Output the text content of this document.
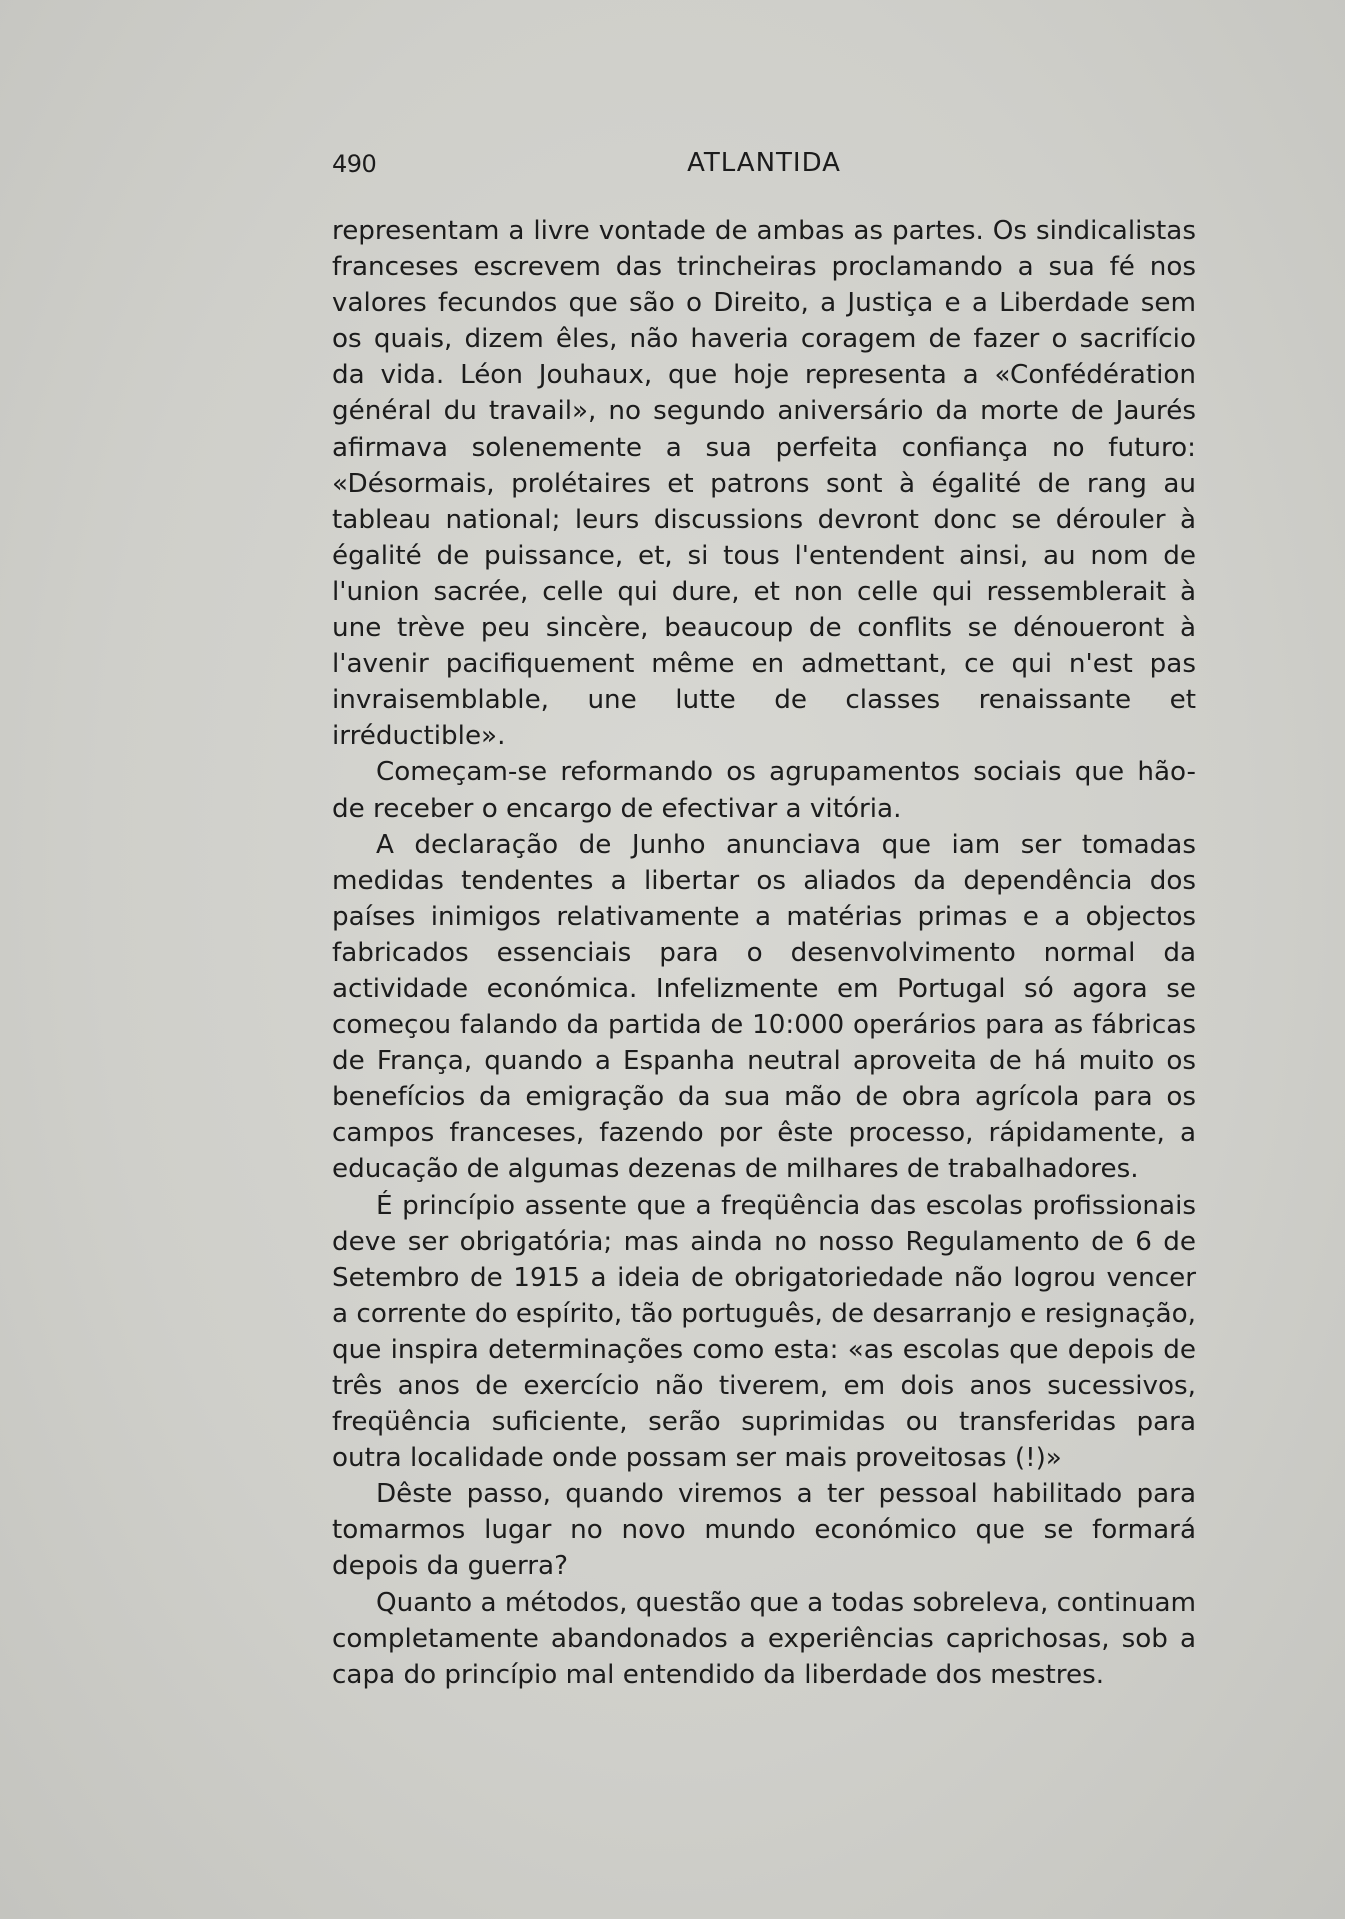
490	ATLANTIDA

representam a livre vontade de ambas as partes. Os sindicalistas franceses escrevem das trincheiras proclamando a sua fé nos valores fecundos que são o Direito, a Justiça e a Liberdade sem os quais, dizem êles, não haveria coragem de fazer o sacrifício da vida. Léon Jouhaux, que hoje representa a «Confédération général du travail», no segundo aniversário da morte de Jaurés afirmava solenemente a sua perfeita confiança no futuro: «Désormais, prolétaires et patrons sont à égalité de rang au tableau national; leurs discussions devront donc se dérouler à égalité de puissance, et, si tous l'entendent ainsi, au nom de l'union sacrée, celle qui dure, et non celle qui ressemblerait à une trève peu sincère, beaucoup de conflits se dénoueront à l'avenir pacifiquement même en admettant, ce qui n'est pas invraisemblable, une lutte de classes renaissante et irréductible».

Começam-se reformando os agrupamentos sociais que hão-de receber o encargo de efectivar a vitória.

A declaração de Junho anunciava que iam ser tomadas medidas tendentes a libertar os aliados da dependência dos países inimigos relativamente a matérias primas e a objectos fabricados essenciais para o desenvolvimento normal da actividade económica. Infelizmente em Portugal só agora se começou falando da partida de 10:000 operários para as fábricas de França, quando a Espanha neutral aproveita de há muito os benefícios da emigração da sua mão de obra agrícola para os campos franceses, fazendo por êste processo, rápidamente, a educação de algumas dezenas de milhares de trabalhadores.

É princípio assente que a freqüência das escolas profissionais deve ser obrigatória; mas ainda no nosso Regulamento de 6 de Setembro de 1915 a ideia de obrigatoriedade não logrou vencer a corrente do espírito, tão português, de desarranjo e resignação, que inspira determinações como esta: «as escolas que depois de três anos de exercício não tiverem, em dois anos sucessivos, freqüência suficiente, serão suprimidas ou transferidas para outra localidade onde possam ser mais proveitosas (!)»

Dêste passo, quando viremos a ter pessoal habilitado para tomarmos lugar no novo mundo económico que se formará depois da guerra?

Quanto a métodos, questão que a todas sobreleva, continuam completamente abandonados a experiências caprichosas, sob a capa do princípio mal entendido da liberdade dos mestres.
